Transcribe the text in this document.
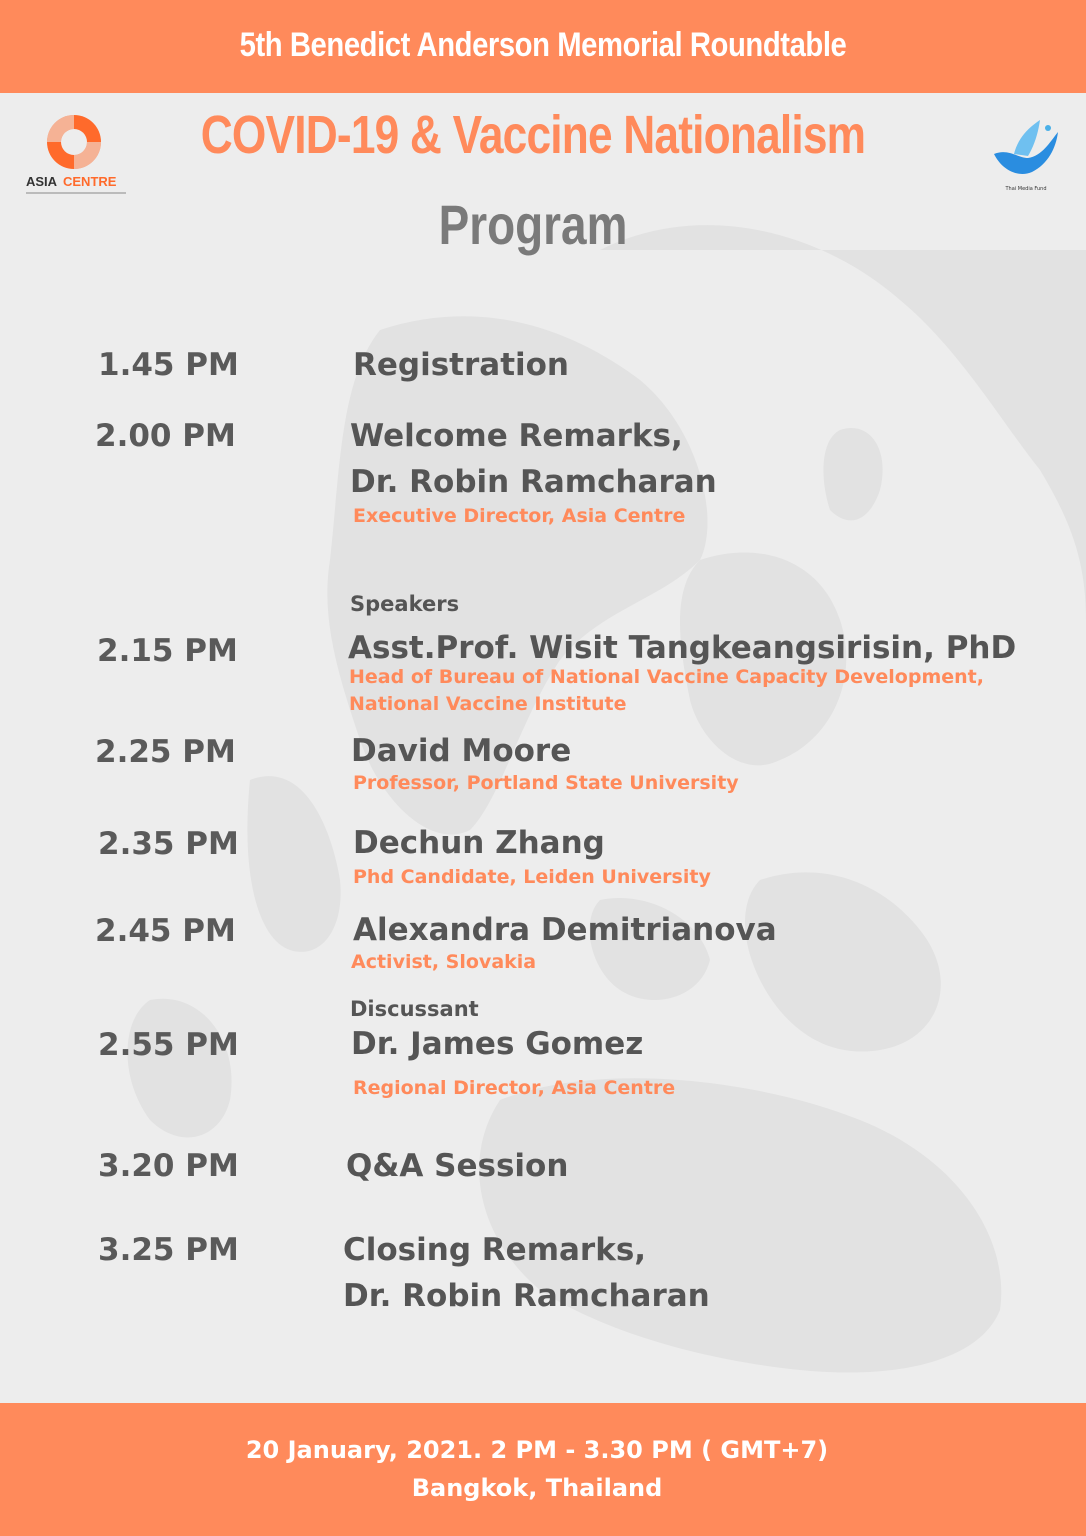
5th Benedict Anderson Memorial Roundtable
ASIA CENTRE	Thai Media Fund
COVID-19 & Vaccine Nationalism
Program
1.45 PM	Registration
2.00 PM	Welcome Remarks,
Dr. Robin Ramcharan
Executive Director, Asia Centre
Speakers
2.15 PM	Asst.Prof. Wisit Tangkeangsirisin, PhD
Head of Bureau of National Vaccine Capacity Development,
National Vaccine Institute
2.25 PM	David Moore
Professor, Portland State University
2.35 PM	Dechun Zhang
Phd Candidate, Leiden University
2.45 PM	Alexandra Demitrianova
Activist, Slovakia
Discussant
2.55 PM	Dr. James Gomez
Regional Director, Asia Centre
3.20 PM	Q&A Session
3.25 PM	Closing Remarks,
Dr. Robin Ramcharan
20 January, 2021. 2 PM - 3.30 PM ( GMT+7)
Bangkok, Thailand
